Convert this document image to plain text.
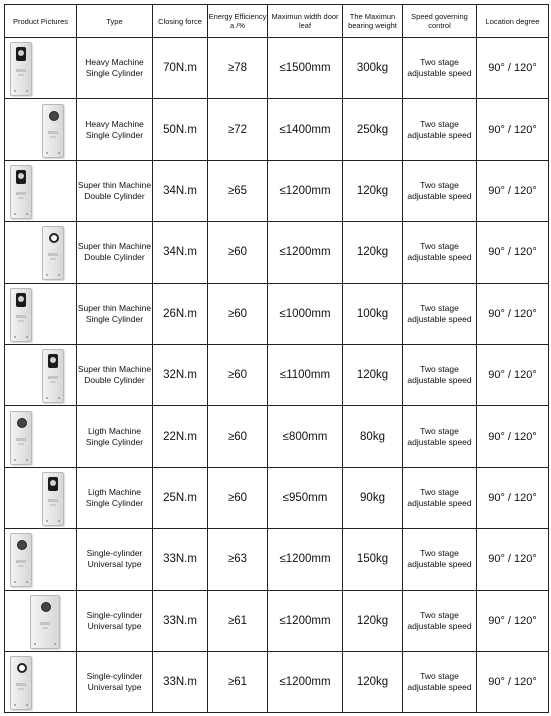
Product Pictures	Type	Closing force	Energy Efficiency
a /%	Maximun width door leaf	The Maximun
bearing weight	Speed governing control	Location degree

	Heavy Machine
Single Cylinder	70N.m	≥78	≤1500mm	300kg	Two stage
adjustable speed	90° / 120°

	Heavy Machine
Single Cylinder	50N.m	≥72	≤1400mm	250kg	Two stage
adjustable speed	90° / 120°

	Super thin Machine
Double Cylinder	34N.m	≥65	≤1200mm	120kg	Two stage
adjustable speed	90° / 120°

	Super thin Machine
Double Cylinder	34N.m	≥60	≤1200mm	120kg	Two stage
adjustable speed	90° / 120°

	Super thin Machine
Single Cylinder	26N.m	≥60	≤1000mm	100kg	Two stage
adjustable speed	90° / 120°

	Super thin Machine
Double Cylinder	32N.m	≥60	≤1100mm	120kg	Two stage
adjustable speed	90° / 120°

	Ligth Machine
Single Cylinder	22N.m	≥60	≤800mm	80kg	Two stage
adjustable speed	90° / 120°

	Ligth Machine
Single Cylinder	25N.m	≥60	≤950mm	90kg	Two stage
adjustable speed	90° / 120°

	Single-cylinder
Universal type	33N.m	≥63	≤1200mm	150kg	Two stage
adjustable speed	90° / 120°

	Single-cylinder
Universal type	33N.m	≥61	≤1200mm	120kg	Two stage
adjustable speed	90° / 120°

	Single-cylinder
Universal type	33N.m	≥61	≤1200mm	120kg	Two stage
adjustable speed	90° / 120°
